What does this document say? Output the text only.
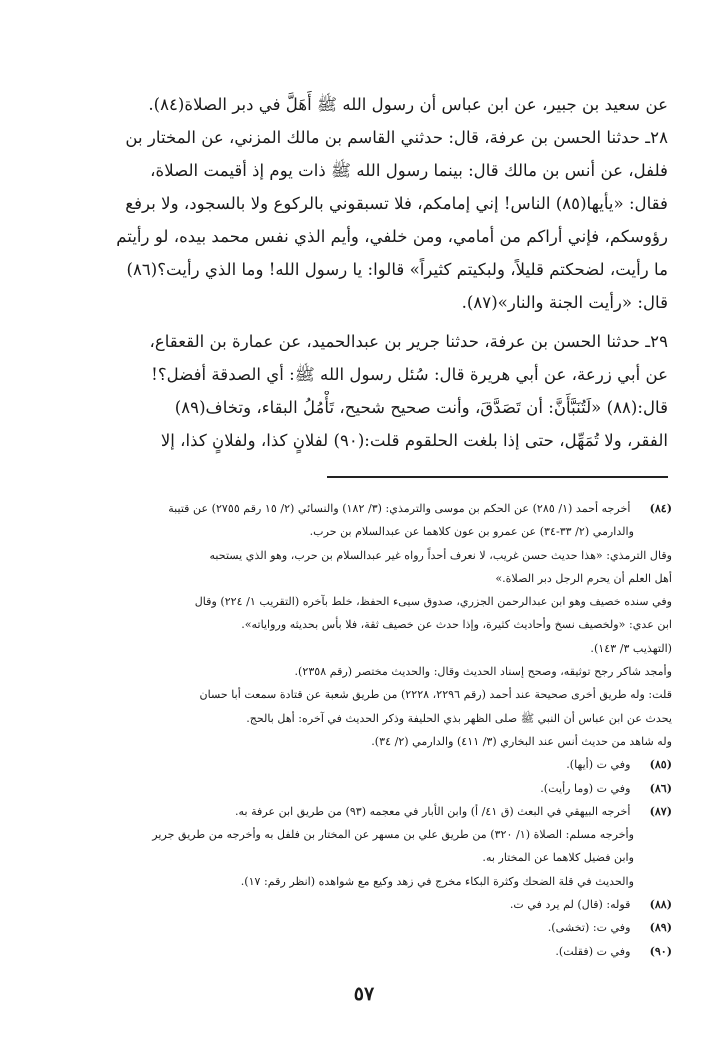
عن سعيد بن جبير، عن ابن عباس أن رسول الله ﷺ أَهَلَّ في دبر الصلاة(٨٤).
٢٨ـ حدثنا الحسن بن عرفة، قال: حدثني القاسم بن مالك المزني، عن المختار بن
فلفل، عن أنس بن مالك قال: بينما رسول الله ﷺ ذات يوم إذ أقيمت الصلاة،
فقال: «يأيها(٨٥) الناس! إني إمامكم، فلا تسبقوني بالركوع ولا بالسجود، ولا برفع
رؤوسكم، فإني أراكم من أمامي، ومن خلفي، وأيم الذي نفس محمد بيده، لو رأيتم
ما رأيت، لضحكتم قليلاً، ولبكيتم كثيراً» قالوا: يا رسول الله! وما الذي رأيت؟(٨٦)
قال: «رأيت الجنة والنار»(٨٧).
٢٩ـ حدثنا الحسن بن عرفة، حدثنا جرير بن عبدالحميد، عن عمارة بن القعقاع،
عن أبي زرعة، عن أبي هريرة قال: سُئل رسول الله ﷺ: أي الصدقة أفضل؟!
قال:(٨٨) «لَتُنَبَّأَنَّ: أن تَصَدَّقَ، وأنت صحيح شحيح، تَأْمُلُ البقاء، وتخاف(٨٩)
الفقر، ولا تُمَهِّل، حتى إذا بلغت الحلقوم قلت:(٩٠) لفلانٍ كذا، ولفلانٍ كذا، إلا
(٨٤) أخرجه أحمد (١/ ٢٨٥) عن الحكم بن موسى والترمذي: (٣/ ١٨٢) والنسائي (٢/ ١٥ رقم ٢٧٥٥) عن قتيبة
والدارمي (٢/ ٣٣-٣٤) عن عمرو بن عون كلاهما عن عبدالسلام بن حرب.
وقال الترمذي: «هذا حديث حسن غريب، لا نعرف أحداً رواه غير عبدالسلام بن حرب، وهو الذي يستحبه
أهل العلم أن يحرم الرجل دبر الصلاة.»
وفي سنده خصيف وهو ابن عبدالرحمن الجزري، صدوق سيىء الحفظ، خلط بآخره (التقريب ١/ ٢٢٤) وقال
ابن عدي: «ولخصيف نسخ وأحاديث كثيرة، وإذا حدث عن خصيف ثقة، فلا بأس بحديثه ورواياته».
(التهذيب ٣/ ١٤٣).
وأمجد شاكر رجح توثيقه، وصحح إسناد الحديث وقال: والحديث مختصر (رقم ٢٣٥٨).
قلت: وله طريق أخرى صحيحة عند أحمد (رقم ٢٢٩٦، ٢٢٢٨) من طريق شعبة عن قتادة سمعت أبا حسان
يحدث عن ابن عباس أن النبي ﷺ صلى الظهر بذي الحليفة وذكر الحديث في آخره: أهل بالحج.
وله شاهد من حديث أنس عند البخاري (٣/ ٤١١) والدارمي (٢/ ٣٤).
(٨٥) وفي ت (أيها).
(٨٦) وفي ت (وما رأيت).
(٨٧) أخرجه البيهقي في البعث (ق ٤١/ أ) وابن الأبار في معجمه (٩٣) من طريق ابن عرفة به.
وأخرجه مسلم: الصلاة (١/ ٣٢٠) من طريق علي بن مسهر عن المختار بن فلفل به وأخرجه من طريق جرير
وابن فضيل كلاهما عن المختار به.
والحديث في قلة الضحك وكثرة البكاء مخرج في زهد وكيع مع شواهده (انظر رقم: ١٧).
(٨٨) قوله: (قال) لم يرد في ت.
(٨٩) وفي ت: (تخشى).
(٩٠) وفي ت (فقلت).
٥٧
